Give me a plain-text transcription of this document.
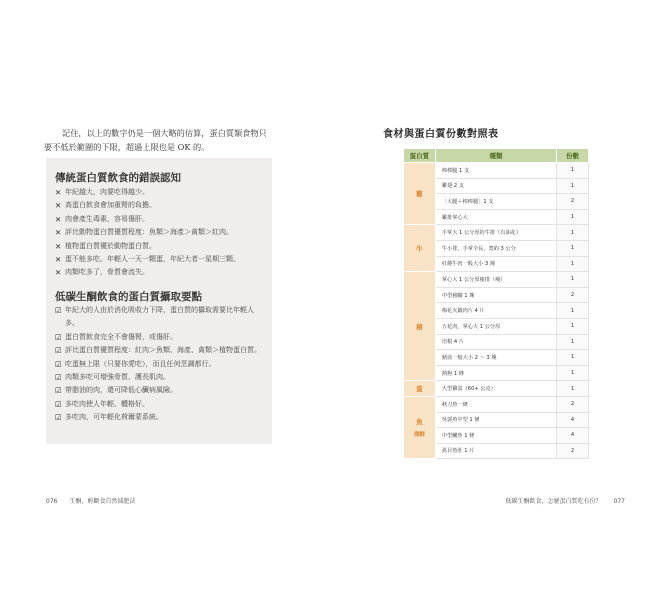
記住，以上的數字仍是一個大略的估算，蛋白質類食物只要不低於範圍的下限，超過上限也是 OK 的。

傳統蛋白質飲食的錯誤認知
✕ 年紀越大，肉要吃得越少。
✕ 高蛋白飲食會加重腎的負擔。
✕ 肉會產生毒素，容易傷肝。
✕ 評比動物蛋白質優質程度：魚類＞海產＞禽類＞紅肉。
✕ 植物蛋白質優於動物蛋白質。
✕ 蛋不能多吃。年輕人一天一顆蛋，年紀大者一星期三顆。
✕ 肉類吃多了，骨質會流失。
低碳生酮飲食的蛋白質攝取要點
☑ 年紀大的人由於消化吸收力下降，蛋白質的攝取需要比年輕人多。
☑ 蛋白質飲食完全不會傷腎，或傷肝。
☑ 評比蛋白質優質程度：紅肉＞魚類、海產、禽類＞植物蛋白質。
☑ 吃蛋無上限（只要你愛吃），而且任何烹調都行。
☑ 肉類多吃可增強骨質、護長肌肉。
☑ 帶脂油的肉，還可降低心臟病風險。
☑ 多吃肉使人年輕、體格好。
☑ 多吃肉，可年輕化荷爾蒙系統。
076 生酮，輕斷食自然減肥法
食材與蛋白質份數對照表
蛋白質	種類	份數
雞	棒棒腿 1 支	1
	雞翅 2 支	1
	〔大腿＋棒棒腿〕1 支	2
	雞排掌心大	1
牛	手掌大 1 公分厚的牛排（有油花）	1
	牛小排，手掌全長，寬約 3 公分	1
	紅燒牛肉一般大小 3 塊	1
豬	掌心大 1 公分厚豬排（瘦）	1
	中型豬腳 1 塊	2
	梅花火鍋肉片 4 片	1
	五花肉，掌心大 1 公分厚	1
	培根 4 片	1
	豬血一般大小 2 ～ 3 塊	1
	熱狗 1 條	1
蛋	大型雞蛋（60+ 公克）	1
魚
海鮮	秋刀魚一條	2
	吳郭魚中型 1 條	4
	中型鱸魚 1 條	4
	虱目魚肚 1 片	2
低碳生酮飲食，怎麼蛋白質吃有份？ 077
